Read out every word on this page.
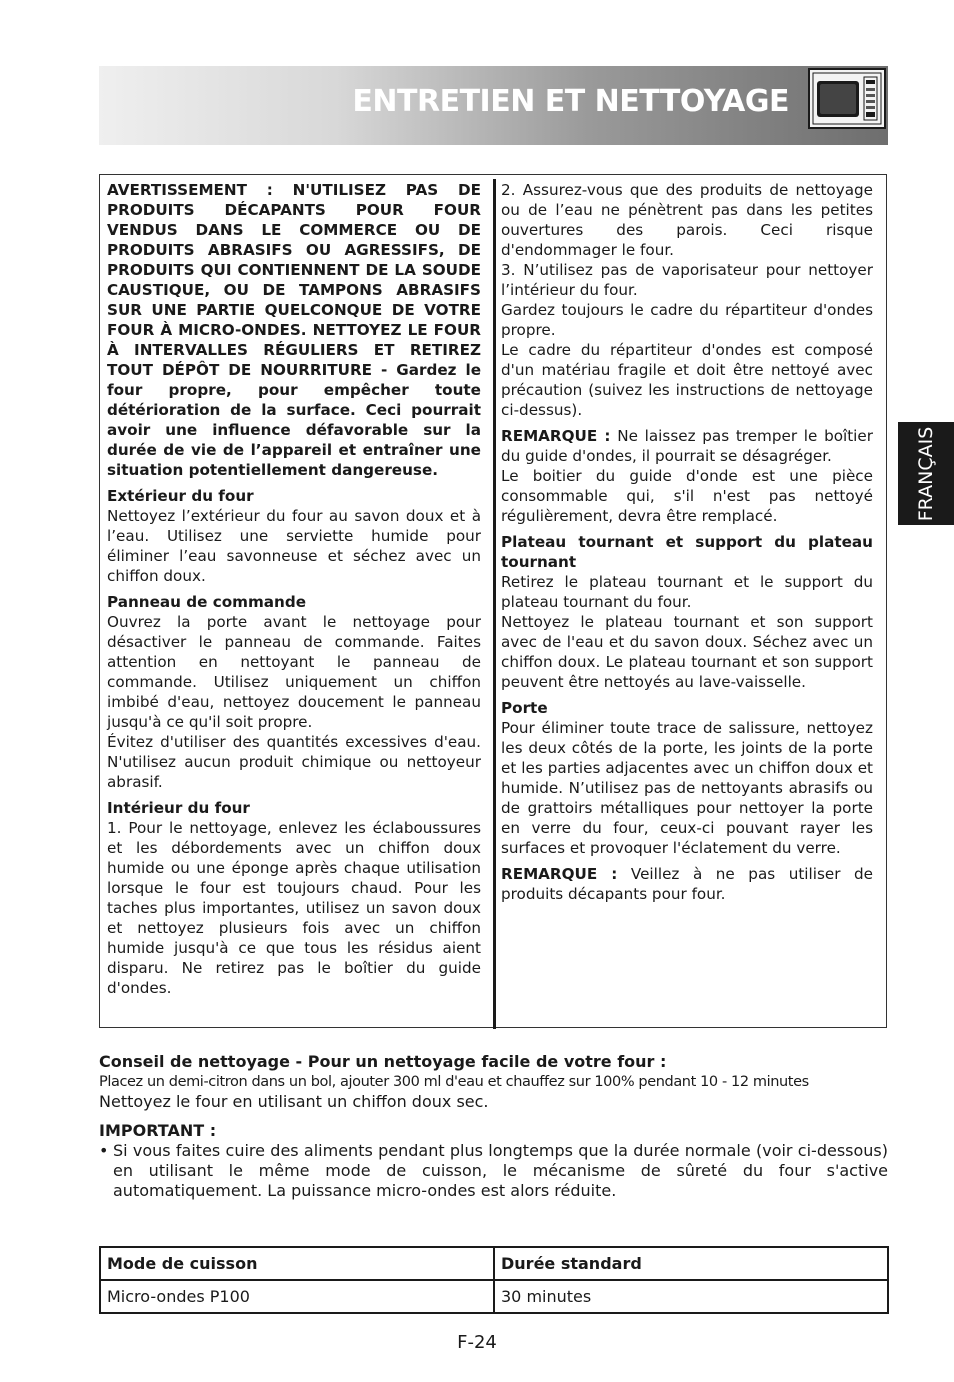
ENTRETIEN ET NETTOYAGE
FRANÇAIS

AVERTISSEMENT : N'UTILISEZ PAS DE PRODUITS DÉCAPANTS POUR FOUR VENDUS DANS LE COMMERCE OU DE PRODUITS ABRASIFS OU AGRESSIFS, DE PRODUITS QUI CONTIENNENT DE LA SOUDE CAUSTIQUE, OU DE TAMPONS ABRASIFS SUR UNE PARTIE QUELCONQUE DE VOTRE FOUR À MICRO-ONDES. NETTOYEZ LE FOUR À INTERVALLES RÉGULIERS ET RETIREZ TOUT DÉPÔT DE NOURRITURE - Gardez le four propre, pour empêcher toute détérioration de la surface. Ceci pourrait avoir une influence défavorable sur la durée de vie de l’appareil et entraîner une situation potentiellement dangereuse.

Extérieur du four

Nettoyez l’extérieur du four au savon doux et à l’eau. Utilisez une serviette humide pour éliminer l’eau savonneuse et séchez avec un chiffon doux.

Panneau de commande

Ouvrez la porte avant le nettoyage pour désactiver le panneau de commande. Faites attention en nettoyant le panneau de commande. Utilisez uniquement un chiffon imbibé d'eau, nettoyez doucement le panneau jusqu'à ce qu'il soit propre.

Évitez d'utiliser des quantités excessives d'eau. N'utilisez aucun produit chimique ou nettoyeur abrasif.

Intérieur du four

1. Pour le nettoyage, enlevez les éclaboussures et les débordements avec un chiffon doux humide ou une éponge après chaque utilisation lorsque le four est toujours chaud. Pour les taches plus importantes, utilisez un savon doux et nettoyez plusieurs fois avec un chiffon humide jusqu'à ce que tous les résidus aient disparu. Ne retirez pas le boîtier du guide d'ondes.

2. Assurez-vous que des produits de nettoyage ou de l’eau ne pénètrent pas dans les petites ouvertures des parois. Ceci risque d'endommager le four.

3. N’utilisez pas de vaporisateur pour nettoyer l’intérieur du four.

Gardez toujours le cadre du répartiteur d'ondes propre.

Le cadre du répartiteur d'ondes est composé d'un matériau fragile et doit être nettoyé avec précaution (suivez les instructions de nettoyage ci-dessus).

REMARQUE : Ne laissez pas tremper le boîtier du guide d'ondes, il pourrait se désagréger.

Le boitier du guide d'onde est une pièce consommable qui, s'il n'est pas nettoyé régulièrement, devra être remplacé.

Plateau tournant et support du plateau tournant

Retirez le plateau tournant et le support du plateau tournant du four.

Nettoyez le plateau tournant et son support avec de l'eau et du savon doux. Séchez avec un chiffon doux. Le plateau tournant et son support peuvent être nettoyés au lave-vaisselle.

Porte

Pour éliminer toute trace de salissure, nettoyez les deux côtés de la porte, les joints de la porte et les parties adjacentes avec un chiffon doux et humide. N’utilisez pas de nettoyants abrasifs ou de grattoirs métalliques pour nettoyer la porte en verre du four, ceux-ci pouvant rayer les surfaces et provoquer l'éclatement du verre.

REMARQUE : Veillez à ne pas utiliser de produits décapants pour four.

Conseil de nettoyage - Pour un nettoyage facile de votre four :

Placez un demi-citron dans un bol, ajouter 300 ml d'eau et chauffez sur 100% pendant 10 - 12 minutes

Nettoyez le four en utilisant un chiffon doux sec.

IMPORTANT :

• Si vous faites cuire des aliments pendant plus longtemps que la durée normale (voir ci-dessous) en utilisant le même mode de cuisson, le mécanisme de sûreté du four s'active automatiquement. La puissance micro-ondes est alors réduite.
Mode de cuisson	Durée standard
Micro-ondes P100	30 minutes
F-24
